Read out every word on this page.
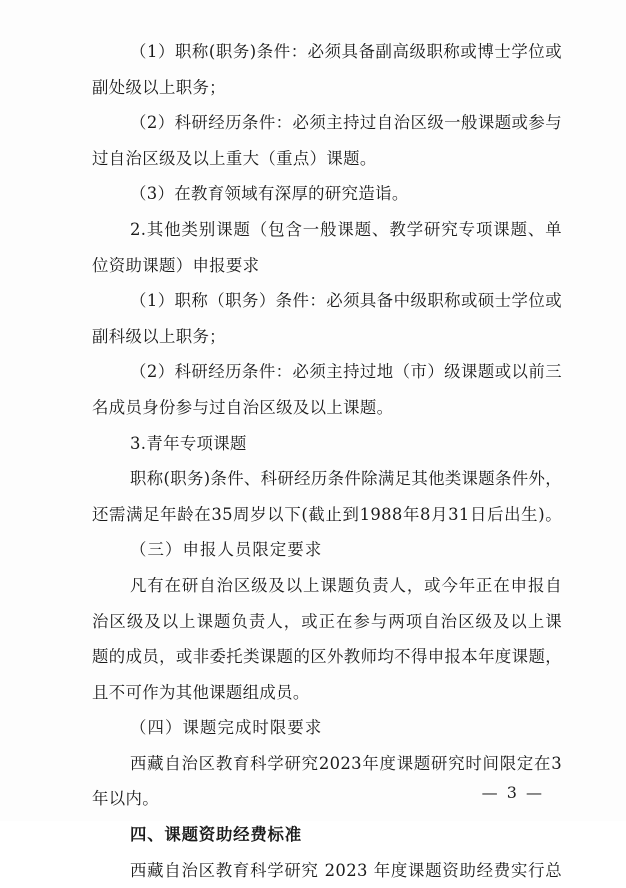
（1）职称(职务)条件：必须具备副高级职称或博士学位或
副处级以上职务；
（2）科研经历条件：必须主持过自治区级一般课题或参与
过自治区级及以上重大（重点）课题。
（3）在教育领域有深厚的研究造诣。
2.其他类别课题（包含一般课题、教学研究专项课题、单
位资助课题）申报要求
（1）职称（职务）条件：必须具备中级职称或硕士学位或
副科级以上职务；
（2）科研经历条件：必须主持过地（市）级课题或以前三
名成员身份参与过自治区级及以上课题。
3.青年专项课题
职称(职务)条件、科研经历条件除满足其他类课题条件外，
还需满足年龄在35周岁以下(截止到1988年8月31日后出生)。
（三）申报人员限定要求
凡有在研自治区级及以上课题负责人，或今年正在申报自
治区级及以上课题负责人，或正在参与两项自治区级及以上课
题的成员，或非委托类课题的区外教师均不得申报本年度课题，
且不可作为其他课题组成员。
（四）课题完成时限要求
西藏自治区教育科学研究2023年度课题研究时间限定在3
年以内。
四、课题资助经费标准
西藏自治区教育科学研究 2023 年度课题资助经费实行总
— 3 —
